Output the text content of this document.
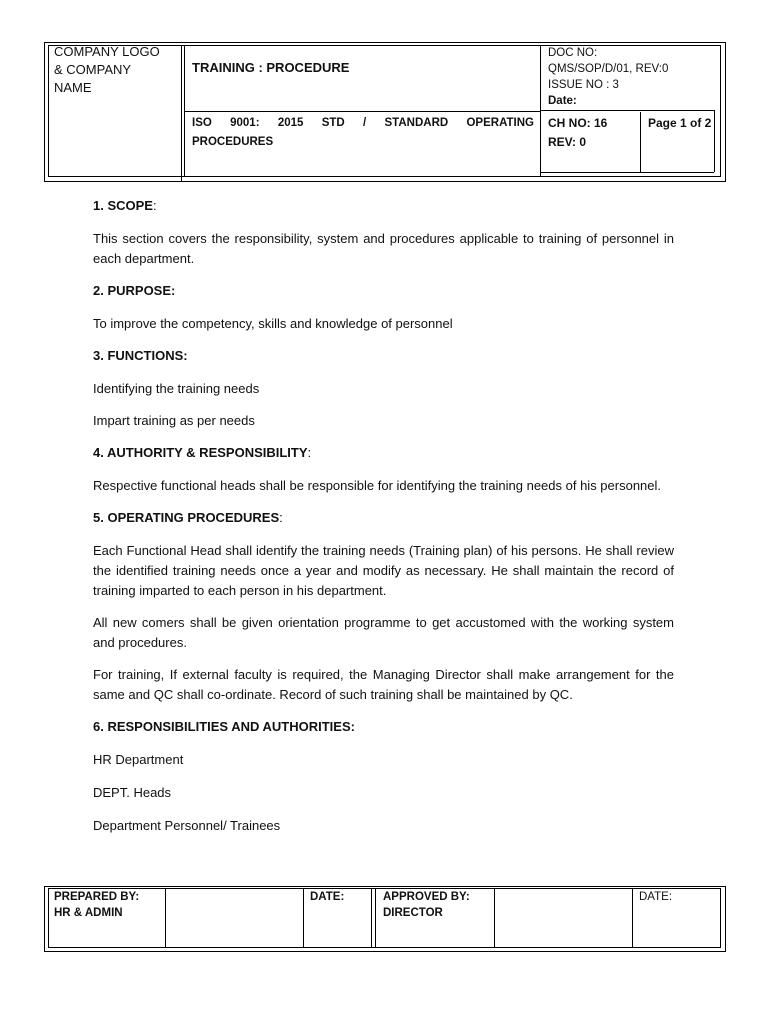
COMPANY LOGO
& COMPANY
NAME
TRAINING : PROCEDURE
DOC NO:
QMS/SOP/D/01, REV:0
ISSUE NO : 3
Date:
ISO 9001: 2015 STD / STANDARD OPERATING
PROCEDURES
CH NO: 16
REV: 0
Page 1 of 2
1. SCOPE:

This section covers the responsibility, system and procedures applicable to training of personnel in each department.

2. PURPOSE:

To improve the competency, skills and knowledge of personnel

3. FUNCTIONS:

Identifying the training needs

Impart training as per needs

4. AUTHORITY & RESPONSIBILITY:

Respective functional heads shall be responsible for identifying the training needs of his personnel.

5. OPERATING PROCEDURES:

Each Functional Head shall identify the training needs (Training plan) of his persons. He shall review the identified training needs once a year and modify as necessary. He shall maintain the record of training imparted to each person in his department.

All new comers shall be given orientation programme to get accustomed with the working system and procedures.

For training, If external faculty is required, the Managing Director shall make arrangement for the same and QC shall co-ordinate. Record of such training shall be maintained by QC.

6. RESPONSIBILITIES AND AUTHORITIES:

HR Department

DEPT. Heads

Department Personnel/ Trainees

PREPARED BY:
HR & ADMIN
DATE:	APPROVED BY:
DIRECTOR
DATE:
